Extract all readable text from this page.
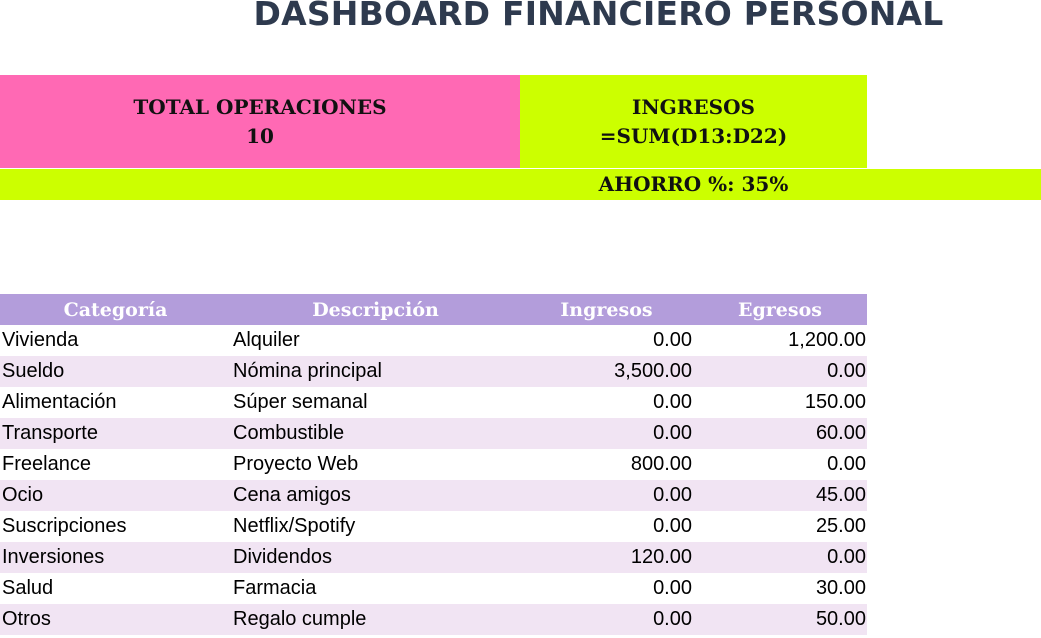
DASHBOARD FINANCIERO PERSONAL
TOTAL OPERACIONES
10
INGRESOS
=SUM(D13:D22)
AHORRO %: 35%
Categoría	Descripción	Ingresos	Egresos
Vivienda	Alquiler	0.00	1,200.00
Sueldo	Nómina principal	3,500.00	0.00
Alimentación	Súper semanal	0.00	150.00
Transporte	Combustible	0.00	60.00
Freelance	Proyecto Web	800.00	0.00
Ocio	Cena amigos	0.00	45.00
Suscripciones	Netflix/Spotify	0.00	25.00
Inversiones	Dividendos	120.00	0.00
Salud	Farmacia	0.00	30.00
Otros	Regalo cumple	0.00	50.00
